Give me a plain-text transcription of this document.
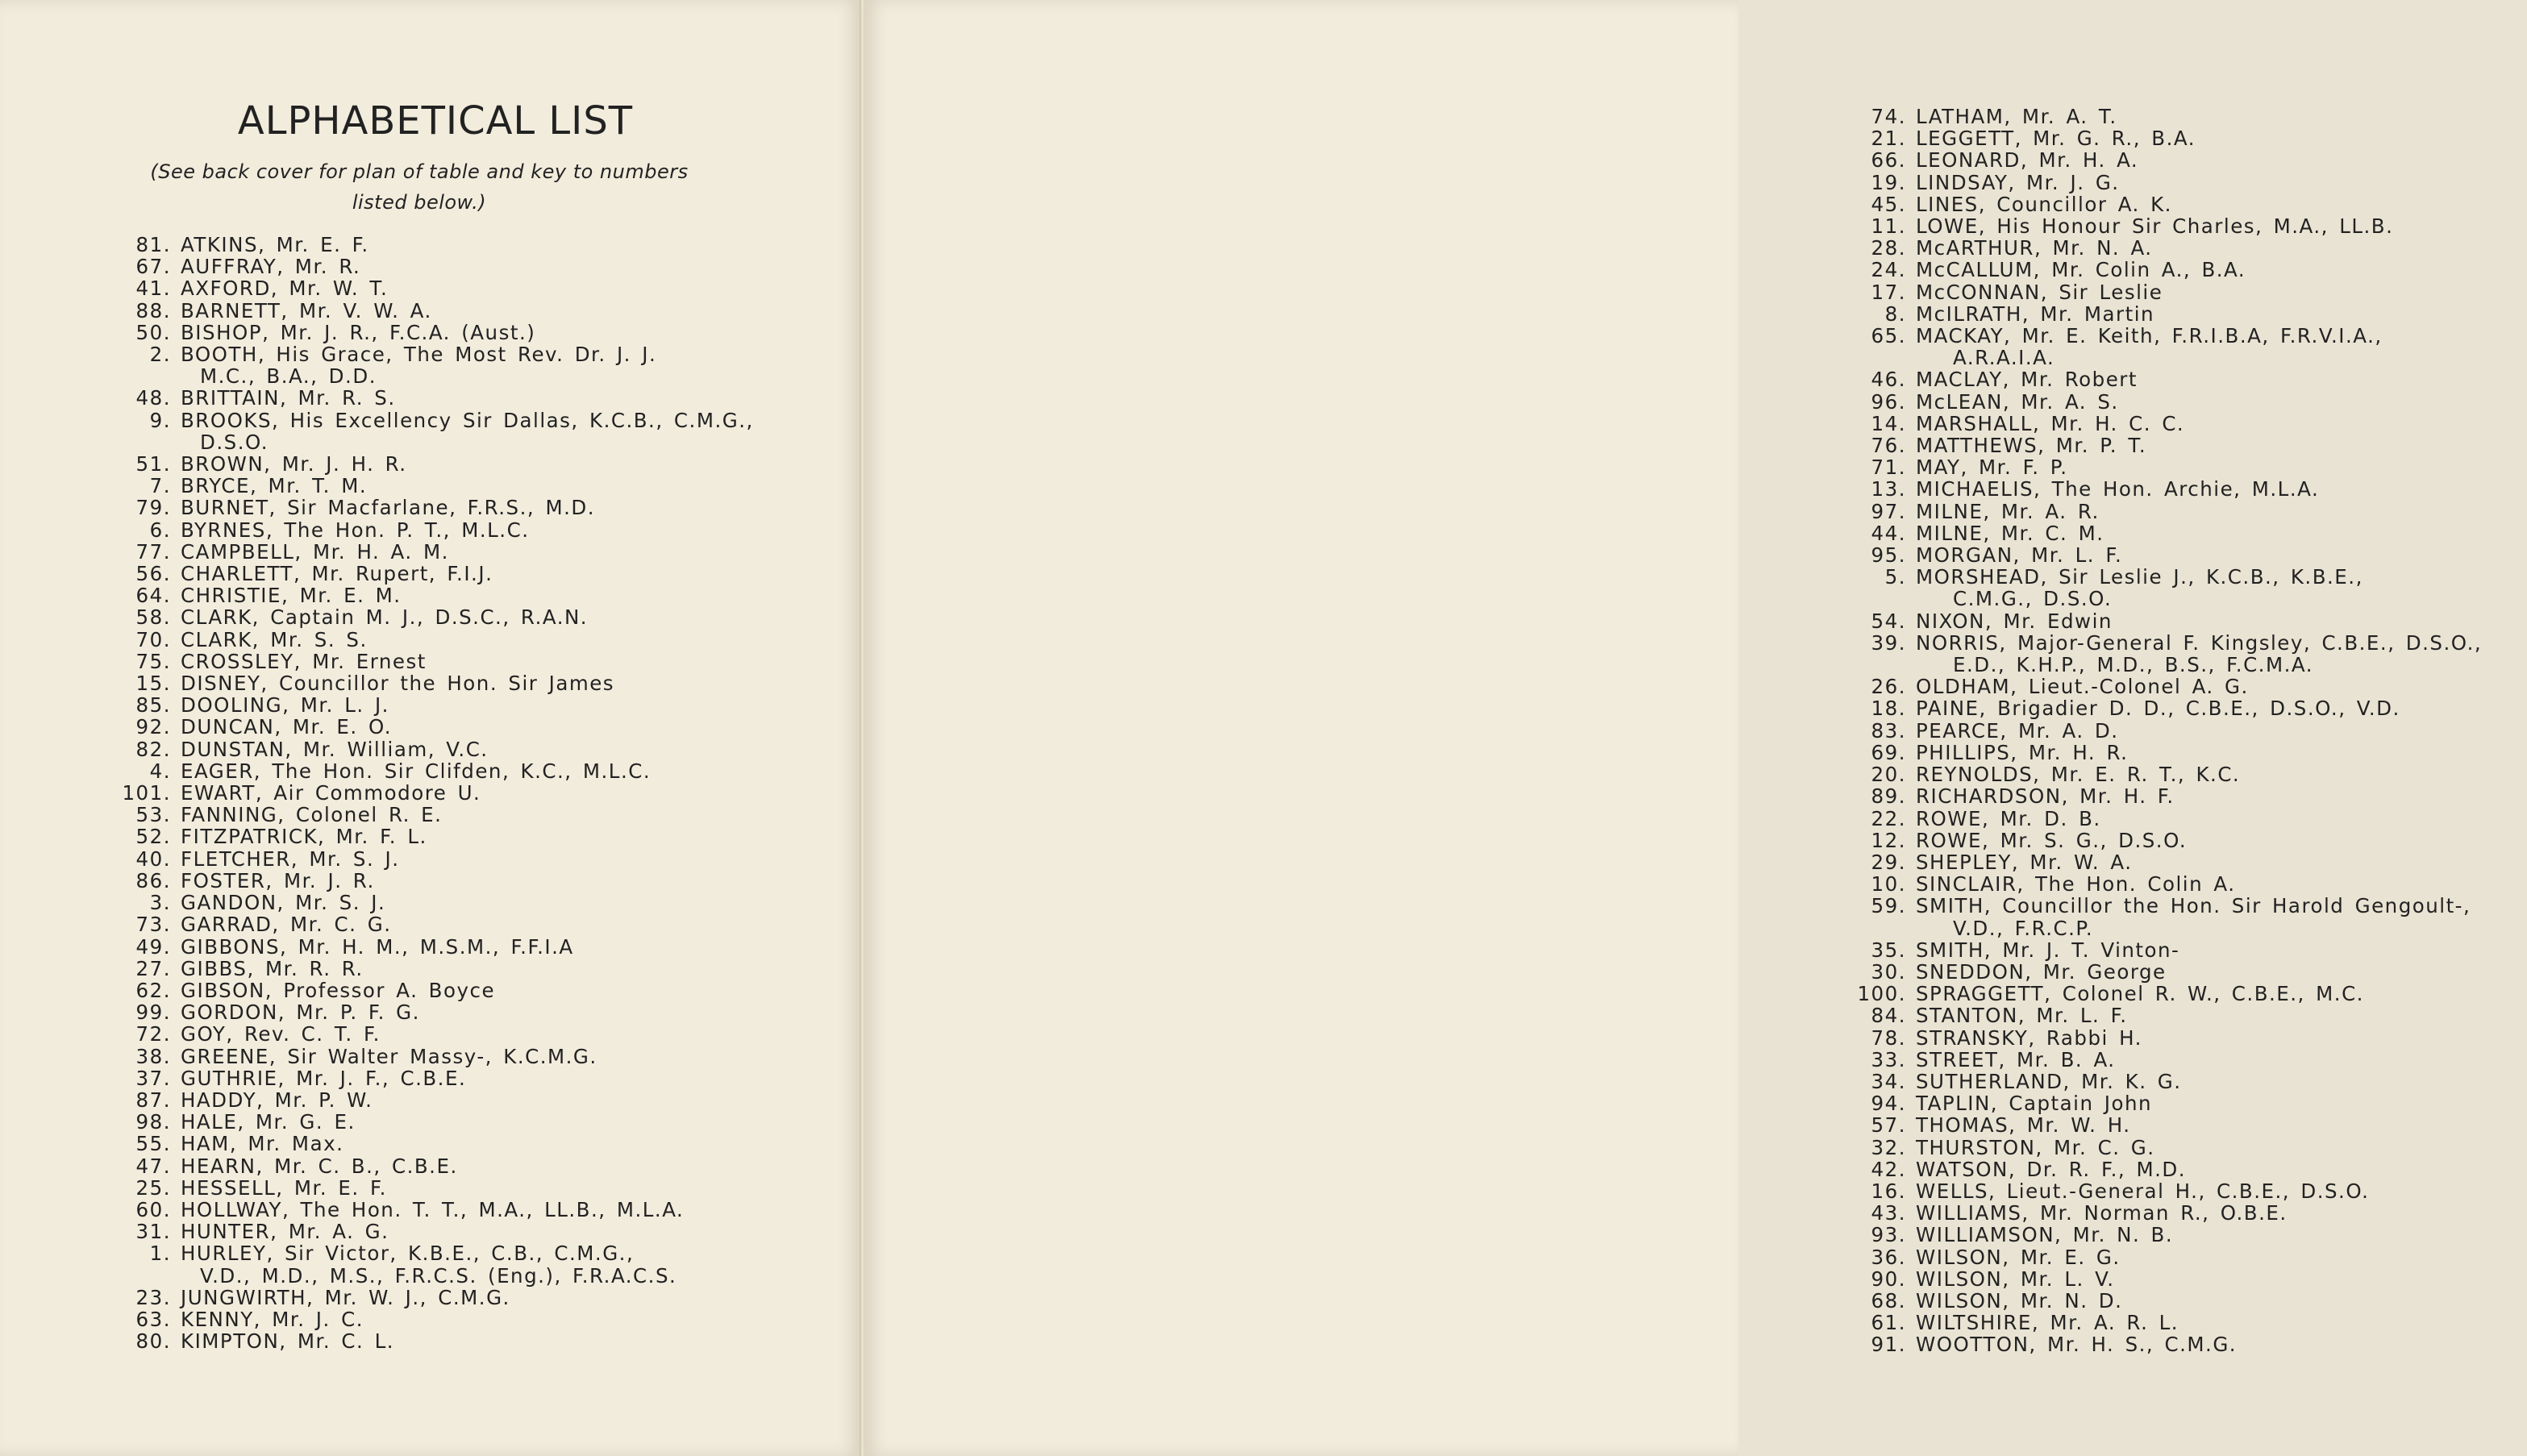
ALPHABETICAL LIST
(See back cover for plan of table and key to numbers
listed below.)
81. ATKINS, Mr. E. F.
67. AUFFRAY, Mr. R.
41. AXFORD, Mr. W. T.
88. BARNETT, Mr. V. W. A.
50. BISHOP, Mr. J. R., F.C.A. (Aust.)
2. BOOTH, His Grace, The Most Rev. Dr. J. J.
M.C., B.A., D.D.
48. BRITTAIN, Mr. R. S.
9. BROOKS, His Excellency Sir Dallas, K.C.B., C.M.G.,
D.S.O.
51. BROWN, Mr. J. H. R.
7. BRYCE, Mr. T. M.
79. BURNET, Sir Macfarlane, F.R.S., M.D.
6. BYRNES, The Hon. P. T., M.L.C.
77. CAMPBELL, Mr. H. A. M.
56. CHARLETT, Mr. Rupert, F.I.J.
64. CHRISTIE, Mr. E. M.
58. CLARK, Captain M. J., D.S.C., R.A.N.
70. CLARK, Mr. S. S.
75. CROSSLEY, Mr. Ernest
15. DISNEY, Councillor the Hon. Sir James
85. DOOLING, Mr. L. J.
92. DUNCAN, Mr. E. O.
82. DUNSTAN, Mr. William, V.C.
4. EAGER, The Hon. Sir Clifden, K.C., M.L.C.
101. EWART, Air Commodore U.
53. FANNING, Colonel R. E.
52. FITZPATRICK, Mr. F. L.
40. FLETCHER, Mr. S. J.
86. FOSTER, Mr. J. R.
3. GANDON, Mr. S. J.
73. GARRAD, Mr. C. G.
49. GIBBONS, Mr. H. M., M.S.M., F.F.I.A
27. GIBBS, Mr. R. R.
62. GIBSON, Professor A. Boyce
99. GORDON, Mr. P. F. G.
72. GOY, Rev. C. T. F.
38. GREENE, Sir Walter Massy-, K.C.M.G.
37. GUTHRIE, Mr. J. F., C.B.E.
87. HADDY, Mr. P. W.
98. HALE, Mr. G. E.
55. HAM, Mr. Max.
47. HEARN, Mr. C. B., C.B.E.
25. HESSELL, Mr. E. F.
60. HOLLWAY, The Hon. T. T., M.A., LL.B., M.L.A.
31. HUNTER, Mr. A. G.
1. HURLEY, Sir Victor, K.B.E., C.B., C.M.G.,
V.D., M.D., M.S., F.R.C.S. (Eng.), F.R.A.C.S.
23. JUNGWIRTH, Mr. W. J., C.M.G.
63. KENNY, Mr. J. C.
80. KIMPTON, Mr. C. L.
74. LATHAM, Mr. A. T.
21. LEGGETT, Mr. G. R., B.A.
66. LEONARD, Mr. H. A.
19. LINDSAY, Mr. J. G.
45. LINES, Councillor A. K.
11. LOWE, His Honour Sir Charles, M.A., LL.B.
28. McARTHUR, Mr. N. A.
24. McCALLUM, Mr. Colin A., B.A.
17. McCONNAN, Sir Leslie
8. McILRATH, Mr. Martin
65. MACKAY, Mr. E. Keith, F.R.I.B.A, F.R.V.I.A.,
A.R.A.I.A.
46. MACLAY, Mr. Robert
96. McLEAN, Mr. A. S.
14. MARSHALL, Mr. H. C. C.
76. MATTHEWS, Mr. P. T.
71. MAY, Mr. F. P.
13. MICHAELIS, The Hon. Archie, M.L.A.
97. MILNE, Mr. A. R.
44. MILNE, Mr. C. M.
95. MORGAN, Mr. L. F.
5. MORSHEAD, Sir Leslie J., K.C.B., K.B.E.,
C.M.G., D.S.O.
54. NIXON, Mr. Edwin
39. NORRIS, Major-General F. Kingsley, C.B.E., D.S.O.,
E.D., K.H.P., M.D., B.S., F.C.M.A.
26. OLDHAM, Lieut.-Colonel A. G.
18. PAINE, Brigadier D. D., C.B.E., D.S.O., V.D.
83. PEARCE, Mr. A. D.
69. PHILLIPS, Mr. H. R.
20. REYNOLDS, Mr. E. R. T., K.C.
89. RICHARDSON, Mr. H. F.
22. ROWE, Mr. D. B.
12. ROWE, Mr. S. G., D.S.O.
29. SHEPLEY, Mr. W. A.
10. SINCLAIR, The Hon. Colin A.
59. SMITH, Councillor the Hon. Sir Harold Gengoult-,
V.D., F.R.C.P.
35. SMITH, Mr. J. T. Vinton-
30. SNEDDON, Mr. George
100. SPRAGGETT, Colonel R. W., C.B.E., M.C.
84. STANTON, Mr. L. F.
78. STRANSKY, Rabbi H.
33. STREET, Mr. B. A.
34. SUTHERLAND, Mr. K. G.
94. TAPLIN, Captain John
57. THOMAS, Mr. W. H.
32. THURSTON, Mr. C. G.
42. WATSON, Dr. R. F., M.D.
16. WELLS, Lieut.-General H., C.B.E., D.S.O.
43. WILLIAMS, Mr. Norman R., O.B.E.
93. WILLIAMSON, Mr. N. B.
36. WILSON, Mr. E. G.
90. WILSON, Mr. L. V.
68. WILSON, Mr. N. D.
61. WILTSHIRE, Mr. A. R. L.
91. WOOTTON, Mr. H. S., C.M.G.
